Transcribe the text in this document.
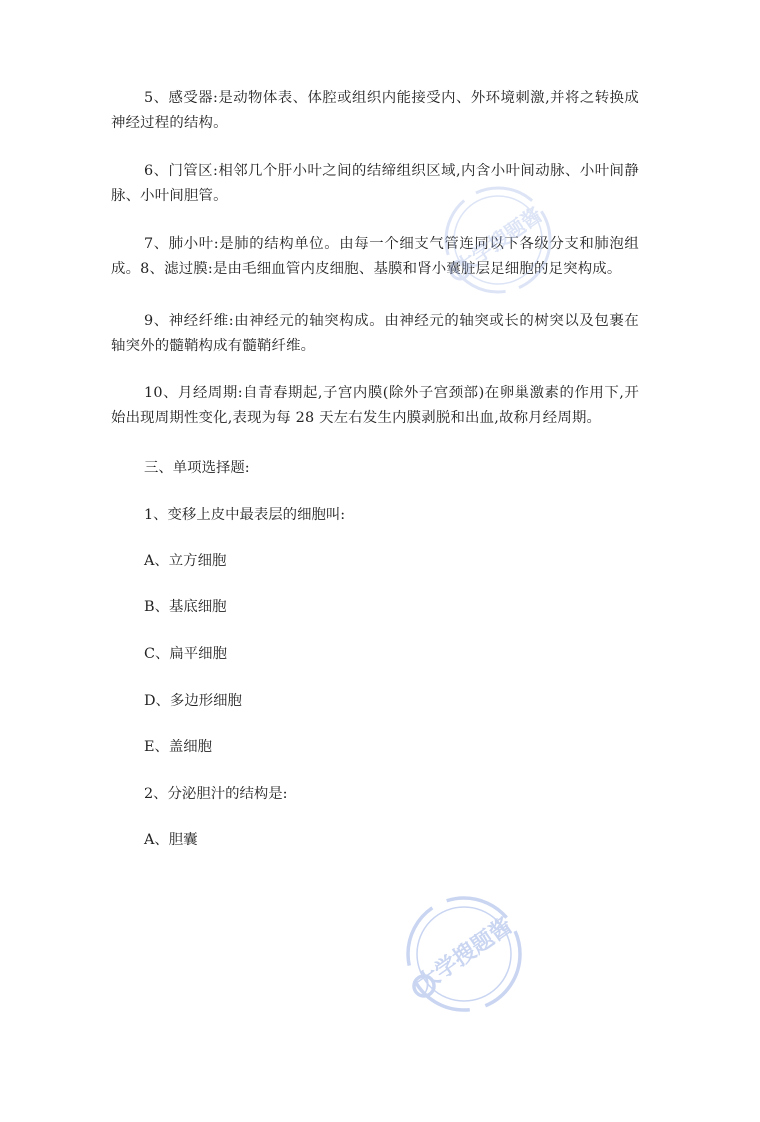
5、感受器:是动物体表、体腔或组织内能接受内、外环境刺激,并将之转换成神经过程的结构。

6、门管区:相邻几个肝小叶之间的结缔组织区域,内含小叶间动脉、小叶间静脉、小叶间胆管。

7、肺小叶:是肺的结构单位。由每一个细支气管连同以下各级分支和肺泡组成。8、滤过膜:是由毛细血管内皮细胞、基膜和肾小囊脏层足细胞的足突构成。

9、神经纤维:由神经元的轴突构成。由神经元的轴突或长的树突以及包裹在轴突外的髓鞘构成有髓鞘纤维。

10、月经周期:自青春期起,子宫内膜(除外子宫颈部)在卵巢激素的作用下,开始出现周期性变化,表现为每 28 天左右发生内膜剥脱和出血,故称月经周期。

三、单项选择题:

1、变移上皮中最表层的细胞叫:

A、立方细胞

B、基底细胞

C、扁平细胞

D、多边形细胞

E、盖细胞

2、分泌胆汁的结构是:

A、胆囊

大学搜题酱
大学搜题酱
